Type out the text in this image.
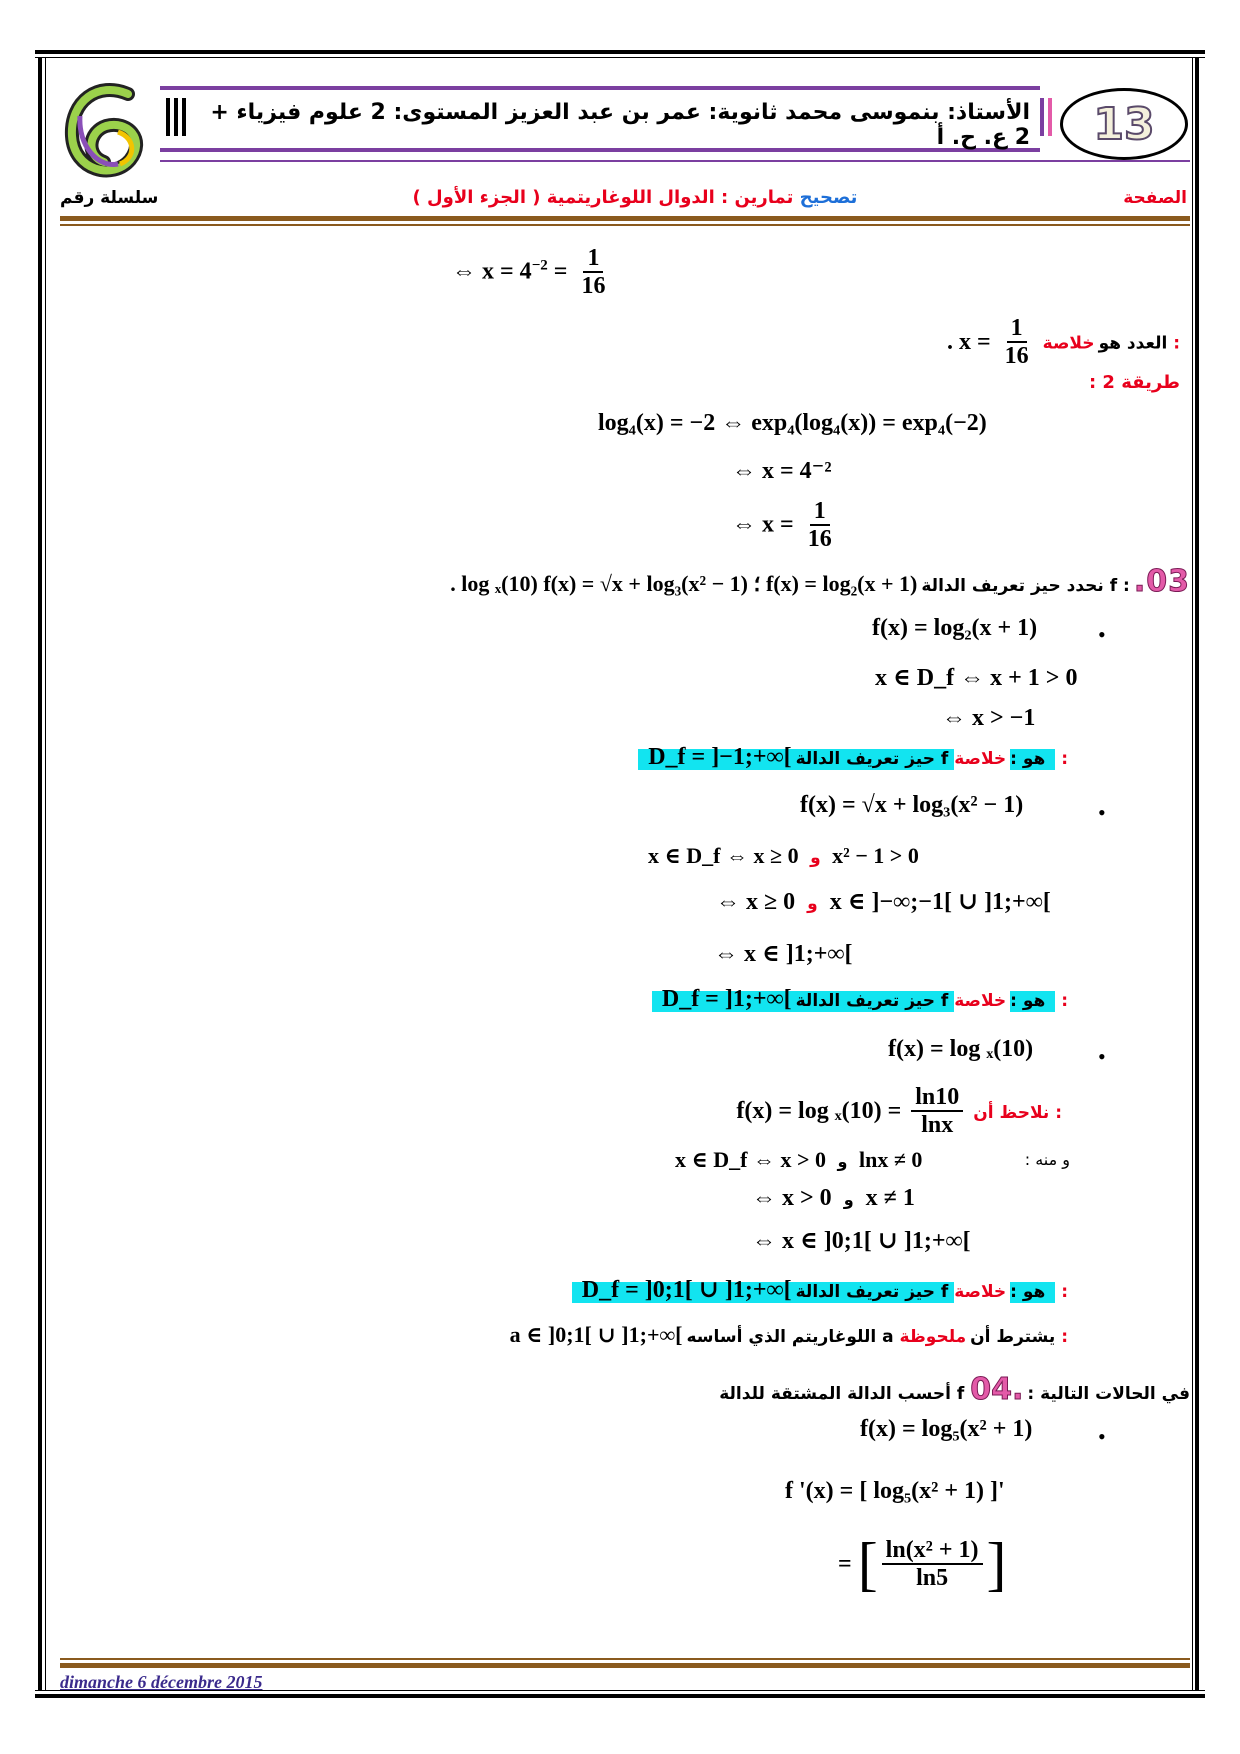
الأستاذ: بنموسى محمد ثانوية: عمر بن عبد العزيز المستوى: 2 علوم فيزياء + 2 ع. ح. أ 13
سلسلة رقم	الصفحة
تصحيح تمارين : الدوال اللوغاريتمية ( الجزء الأول )
⇔ $x = 4^{-2} = \frac{1}{16}$
. $x = \frac{1}{16}$	العدد هو خلاصة :
طريقة 2 :
log₄(x) = −2 ⇔ exp₄(log₄(x)) = exp₄(−2)
⇔ x = 4⁻²
⇔ $x = \frac{1}{16}$
. log ₓ(10) f(x) = √x + log₃(x² − 1) ؛ f(x) = log₂(x + 1) نحدد حيز تعريف الدالة f : .03
•
f(x) = log₂(x + 1)
x ∈ D_f ⇔ x + 1 > 0
⇔ x > −1
D_f = ]−1;+∞[ حيز تعريف الدالة f هو : خلاصة :
•
f(x) = √x + log₃(x² − 1)
x ∈ D_f ⇔ x ≥ 0 و x² − 1 > 0
⇔ x ≥ 0 و x ∈ ]−∞;−1[ ∪ ]1;+∞[
⇔ x ∈ ]1;+∞[
D_f = ]1;+∞[ حيز تعريف الدالة f هو : خلاصة :
•
f(x) = log ₓ(10)
$f(x) = \log _x(10) = \frac{\ln 10}{\ln x}$ نلاحظ أن :
و منه :
x ∈ D_f ⇔ x > 0 و lnx ≠ 0
⇔ x > 0 و x ≠ 1
⇔ x ∈ ]0;1[ ∪ ]1;+∞[
D_f = ]0;1[ ∪ ]1;+∞[ حيز تعريف الدالة f هو : خلاصة :
a ∈ ]0;1[ ∪ ]1;+∞[ اللوغاريتم الذي أساسه a يشترط أن ملحوظة :
أحسب الدالة المشتقة للدالة f في الحالات التالية : .04
•
f(x) = log₅(x² + 1)
f '(x) = [ log₅(x² + 1) ]'
= [ $\frac{\text{ln(x² + 1)}}{\ln 5}$ ]
dimanche 6 décembre 2015
